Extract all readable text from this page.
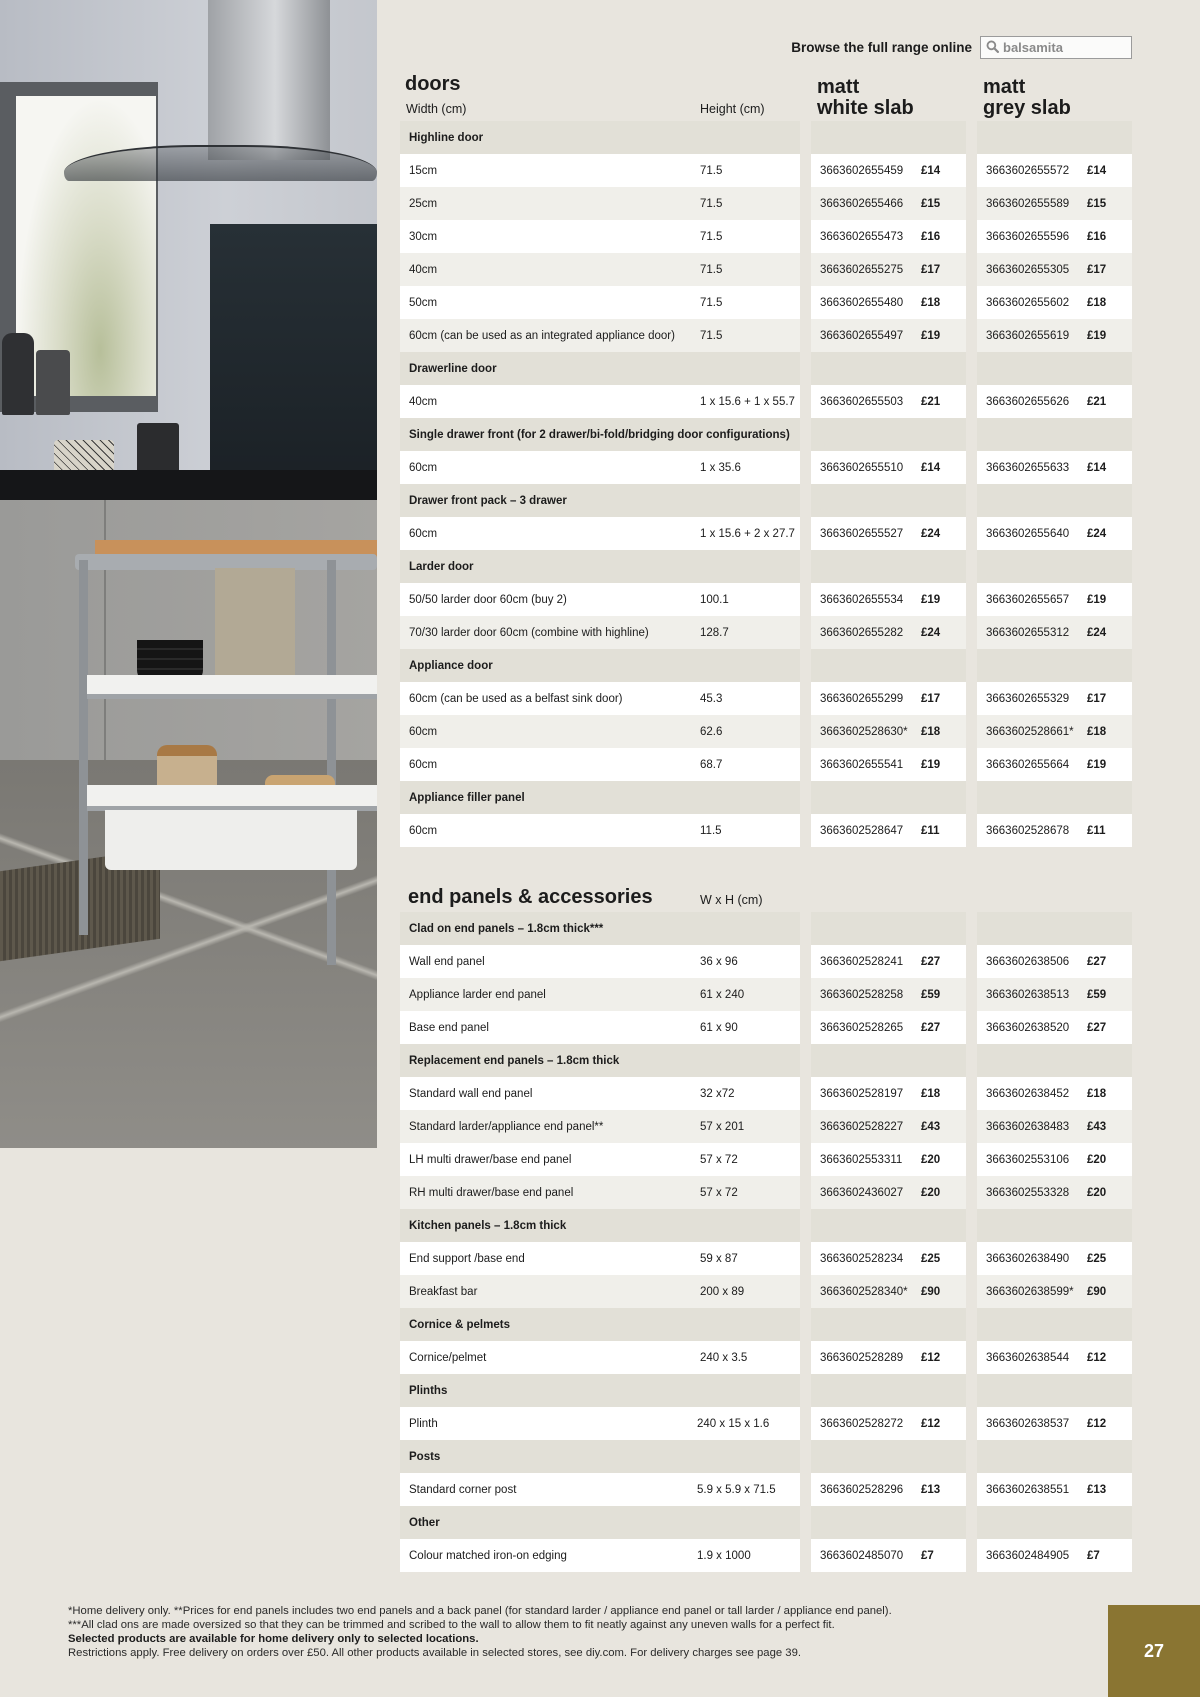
Browse the full range online
balsamita
doors
Width (cm)	Height (cm)
matt
white slab
matt
grey slab
Highline door
15cm	71.5	3663602655459	£14	3663602655572	£14
25cm	71.5	3663602655466	£15	3663602655589	£15
30cm	71.5	3663602655473	£16	3663602655596	£16
40cm	71.5	3663602655275	£17	3663602655305	£17
50cm	71.5	3663602655480	£18	3663602655602	£18
60cm (can be used as an integrated appliance door) 71.5	3663602655497	£19	3663602655619	£19
Drawerline door
40cm	1 x 15.6 + 1 x 55.7	3663602655503	£21	3663602655626	£21
Single drawer front (for 2 drawer/bi-fold/bridging door configurations)
60cm	1 x 35.6	3663602655510	£14	3663602655633	£14
Drawer front pack – 3 drawer
60cm	1 x 15.6 + 2 x 27.7	3663602655527	£24	3663602655640	£24
Larder door
50/50 larder door 60cm (buy 2)	100.1	3663602655534	£19	3663602655657	£19
70/30 larder door 60cm (combine with highline)	128.7	3663602655282	£24	3663602655312	£24
Appliance door
60cm (can be used as a belfast sink door)	45.3	3663602655299	£17	3663602655329	£17
60cm	62.6	3663602528630*	£18	3663602528661*	£18
60cm	68.7	3663602655541	£19	3663602655664	£19
Appliance filler panel
60cm	11.5	3663602528647	£11	3663602528678	£11
end panels & accessories	W x H (cm)
Clad on end panels – 1.8cm thick***
Wall end panel	36 x 96	3663602528241	£27	3663602638506	£27
Appliance larder end panel	61 x 240	3663602528258	£59	3663602638513	£59
Base end panel	61 x 90	3663602528265	£27	3663602638520	£27
Replacement end panels – 1.8cm thick
Standard wall end panel	32 x72	3663602528197	£18	3663602638452	£18
Standard larder/appliance end panel**	57 x 201	3663602528227	£43	3663602638483	£43
LH multi drawer/base end panel	57 x 72	3663602553311	£20	3663602553106	£20
RH multi drawer/base end panel	57 x 72	3663602436027	£20	3663602553328	£20
Kitchen panels – 1.8cm thick
End support /base end	59 x 87	3663602528234	£25	3663602638490	£25
Breakfast bar	200 x 89	3663602528340*	£90	3663602638599*	£90
Cornice & pelmets
Cornice/pelmet	240 x 3.5	3663602528289	£12	3663602638544	£12
Plinths
Plinth	240 x 15 x 1.6	3663602528272	£12	3663602638537	£12
Posts
Standard corner post	5.9 x 5.9 x 71.5	3663602528296	£13	3663602638551	£13
Other
Colour matched iron-on edging	1.9 x 1000	3663602485070	£7	3663602484905	£7
*Home delivery only. **Prices for end panels includes two end panels and a back panel (for standard larder / appliance end panel or tall larder / appliance end panel).
***All clad ons are made oversized so that they can be trimmed and scribed to the wall to allow them to fit neatly against any uneven walls for a perfect fit.
Selected products are available for home delivery only to selected locations.
Restrictions apply. Free delivery on orders over £50. All other products available in selected stores, see diy.com. For delivery charges see page 39.	27
